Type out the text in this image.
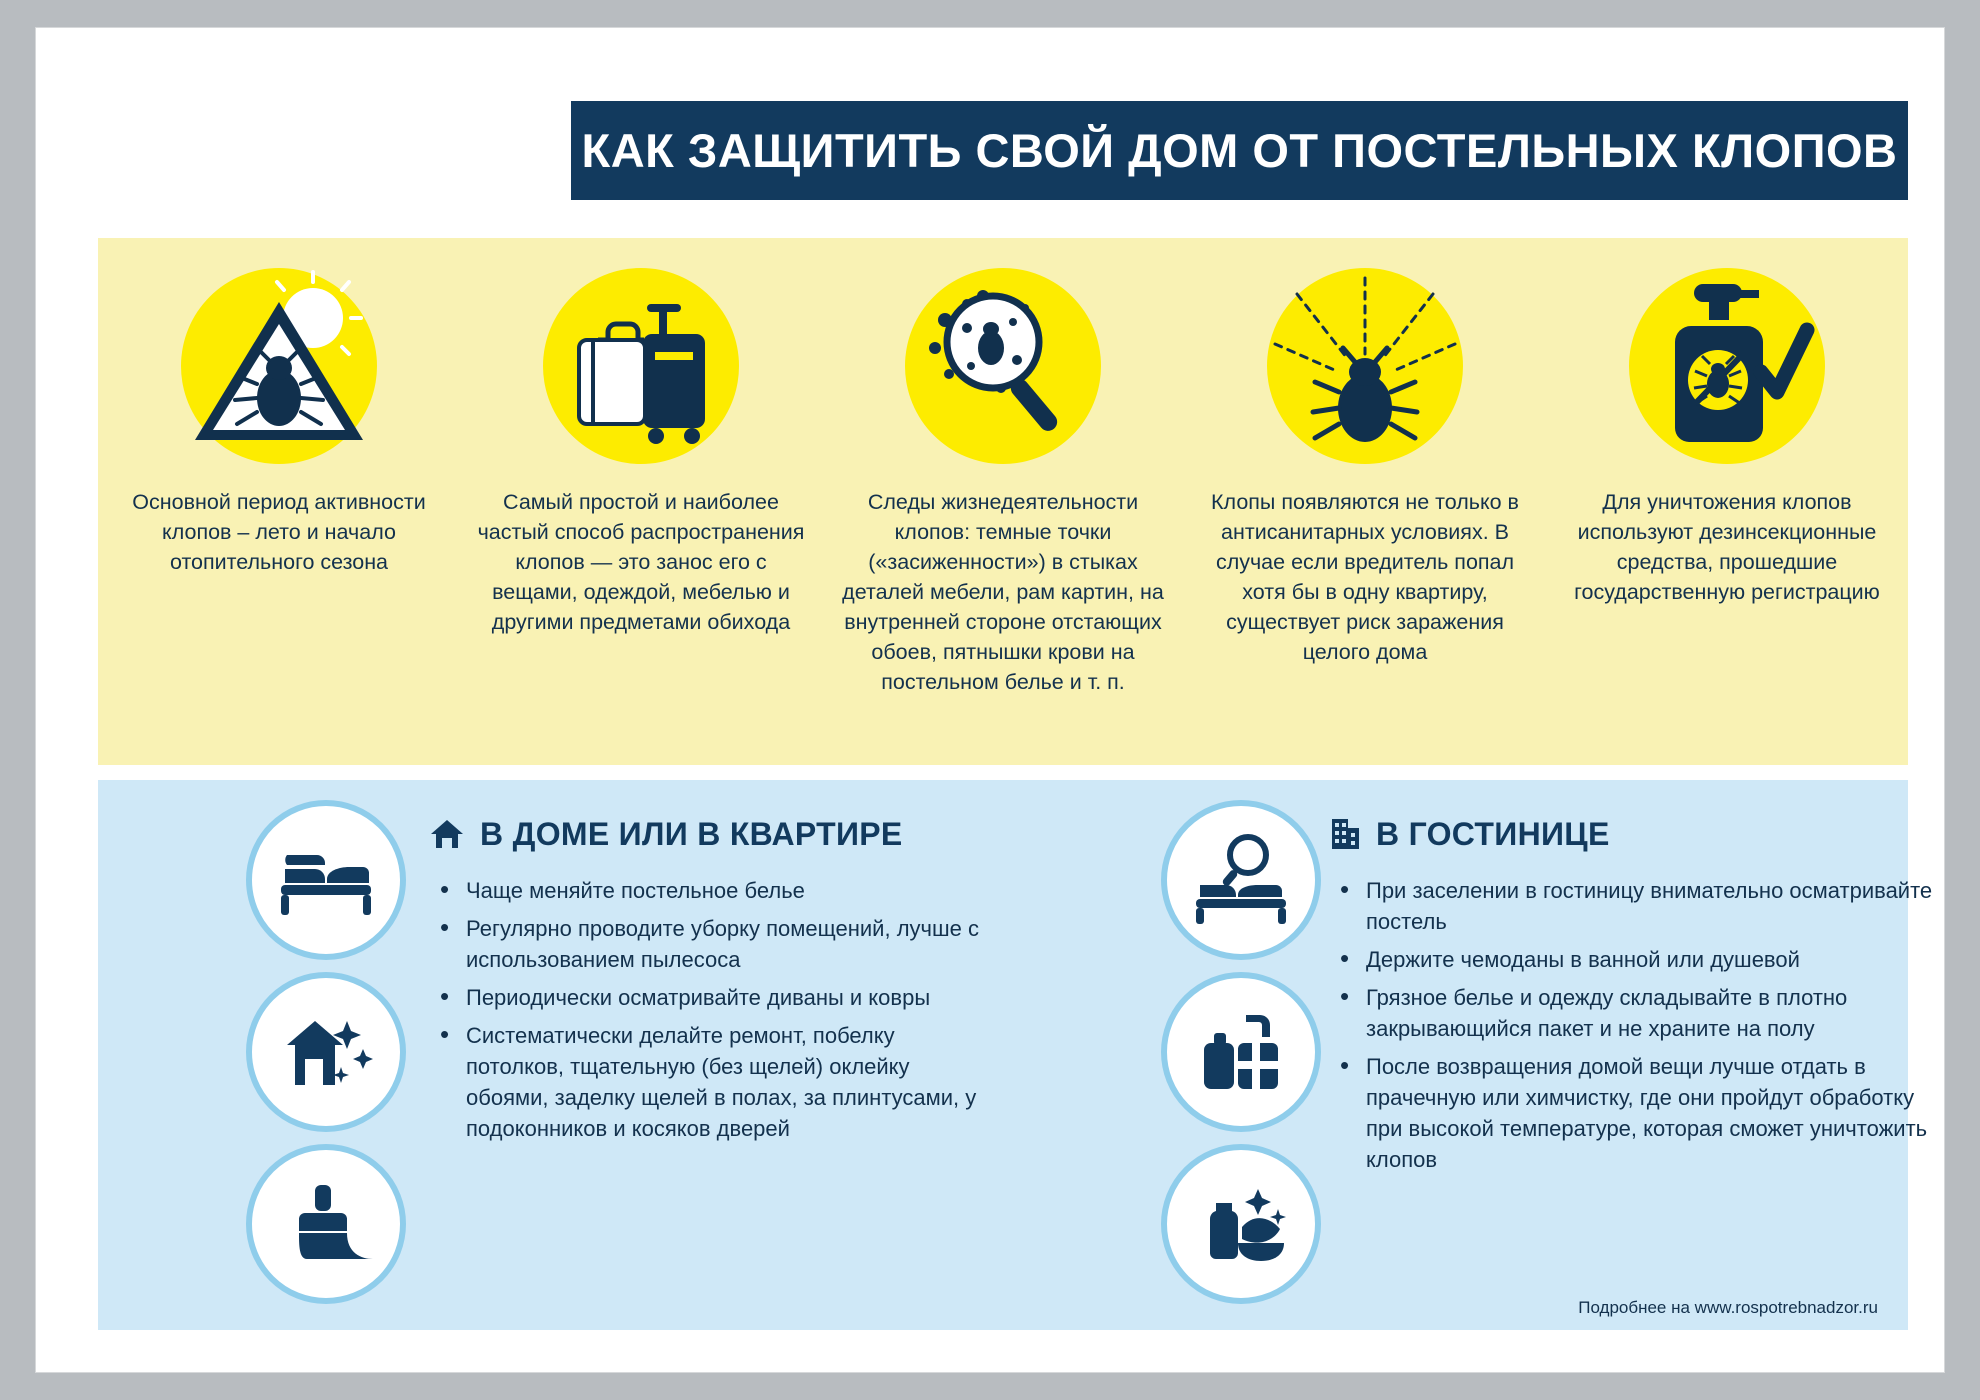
КАК ЗАЩИТИТЬ СВОЙ ДОМ ОТ ПОСТЕЛЬНЫХ КЛОПОВ
Основной период активности клопов – лето и начало отопительного сезона
Самый простой и наиболее частый способ распространения клопов — это занос его с вещами, одеждой, мебелью и другими предметами обихода
Следы жизнедеятельности клопов: темные точки («засиженности») в стыках деталей мебели, рам картин, на внутренней стороне отстающих обоев, пятнышки крови на постельном белье и т. п.
Клопы появляются не только в антисанитарных условиях. В случае если вредитель попал хотя бы в одну квартиру, существует риск заражения целого дома
Для уничтожения клопов используют дезинсекционные средства, прошедшие государственную регистрацию
В ДОМЕ ИЛИ В КВАРТИРЕ
• Чаще меняйте постельное белье
• Регулярно проводите уборку помещений, лучше с использованием пылесоса
• Периодически осматривайте диваны и ковры
• Систематически делайте ремонт, побелку потолков, тщательную (без щелей) оклейку обоями, заделку щелей в полах, за плинтусами, у подоконников и косяков дверей
В ГОСТИНИЦЕ
• При заселении в гостиницу внимательно осматривайте постель
• Держите чемоданы в ванной или душевой
• Грязное белье и одежду складывайте в плотно закрывающийся пакет и не храните на полу
• После возвращения домой вещи лучше отдать в прачечную или химчистку, где они пройдут обработку при высокой температуре, которая сможет уничтожить клопов
Подробнее на www.rospotrebnadzor.ru
